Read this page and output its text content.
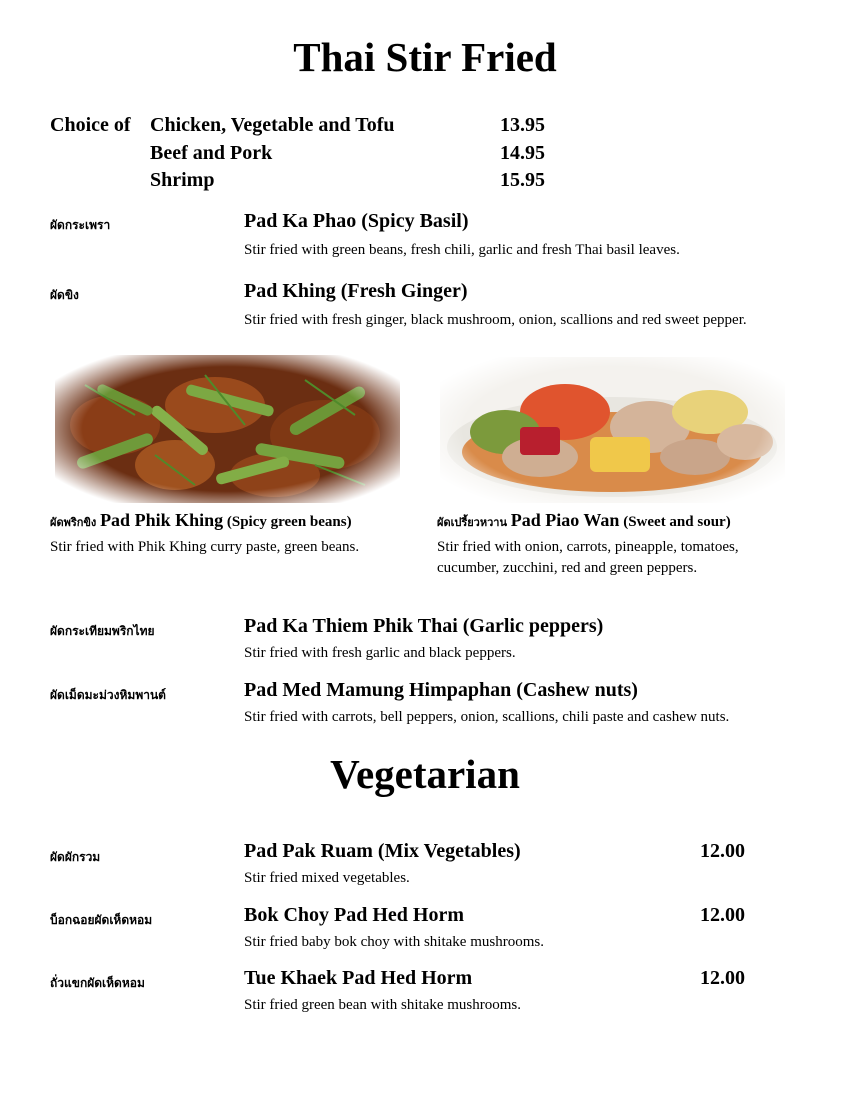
Thai Stir Fried
Choice of Chicken, Vegetable and Tofu	13.95
Beef and Pork	14.95
Shrimp	15.95
ผัดกระเพรา	Pad Ka Phao (Spicy Basil)
Stir fried with green beans, fresh chili, garlic and fresh Thai basil leaves.
ผัดขิง	Pad Khing (Fresh Ginger)
Stir fried with fresh ginger, black mushroom, onion, scallions and red sweet pepper.
ผัดพริกขิง Pad Phik Khing (Spicy green beans)
Stir fried with Phik Khing curry paste, green beans.
ผัดเปรี้ยวหวาน Pad Piao Wan (Sweet and sour)
Stir fried with onion, carrots, pineapple, tomatoes, cucumber, zucchini, red and green peppers.
ผัดกระเทียมพริกไทย	Pad Ka Thiem Phik Thai (Garlic peppers)
Stir fried with fresh garlic and black peppers.
ผัดเม็ดมะม่วงหิมพานต์	Pad Med Mamung Himpaphan (Cashew nuts)
Stir fried with carrots, bell peppers, onion, scallions, chili paste and cashew nuts.
Vegetarian
ผัดผักรวม	Pad Pak Ruam (Mix Vegetables)	12.00
Stir fried mixed vegetables.
บ็อกฉอยผัดเห็ดหอม	Bok Choy Pad Hed Horm	12.00
Stir fried baby bok choy with shitake mushrooms.
ถั่วแขกผัดเห็ดหอม	Tue Khaek Pad Hed Horm	12.00
Stir fried green bean with shitake mushrooms.
